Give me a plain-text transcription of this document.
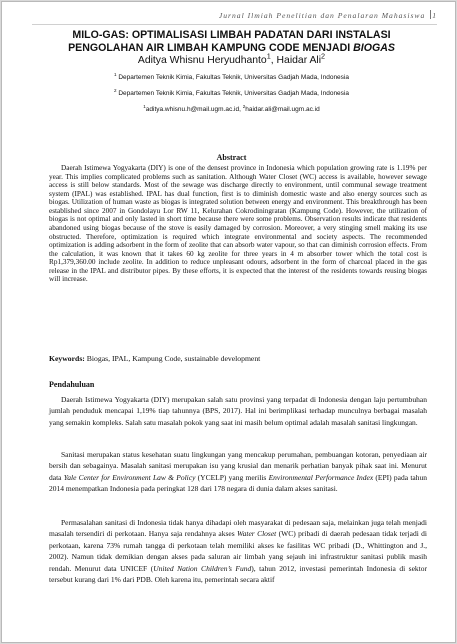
Jurnal Ilmiah Penelitian dan Penalaran Mahasiswa 1
MILO-GAS: OPTIMALISASI LIMBAH PADATAN DARI INSTALASI
PENGOLAHAN AIR LIMBAH KAMPUNG CODE MENJADI BIOGAS
Aditya Whisnu Heryudhanto$^1$, Haidar Ali$^2$
$^1$ Departemen Teknik Kimia, Fakultas Teknik, Universitas Gadjah Mada, Indonesia
$^2$ Departemen Teknik Kimia, Fakultas Teknik, Universitas Gadjah Mada, Indonesia
$^1$aditya.whisnu.h@mail.ugm.ac.id, $^2$haidar.ali@mail.ugm.ac.id
Abstract
Daerah Istimewa Yogyakarta (DIY) is one of the densest province in Indonesia which population growing rate is 1.19% per year. This implies complicated problems such as sanitation. Although Water Closet (WC) access is available, however sewage access is still below standards. Most of the sewage was discharge directly to environment, until communal sewage treatment system (IPAL) was established. IPAL has dual function, first is to diminish domestic waste and also energy sources such as biogas. Utilization of human waste as biogas is integrated solution between energy and environment. This breakthrough has been established since 2007 in Gondolayu Lor RW 11, Kelurahan Cokrodiningratan (Kampung Code). However, the utilization of biogas is not optimal and only lasted in short time because there were some problems. Observation results indicate that residents abandoned using biogas because of the stove is easily damaged by corrosion. Moreover, a very stinging smell making its use obstructed. Therefore, optimization is required which integrate environmental and society aspects. The recommended optimization is adding adsorbent in the form of zeolite that can absorb water vapour, so that can diminish corrosion effects. From the calculation, it was known that it takes 60 kg zeolite for three years in 4 m absorber tower which the total cost is Rp1,379,360.00 include zeolite. In addition to reduce unpleasant odours, adsorbent in the form of charcoal placed in the gas release in the IPAL and distributor pipes. By these efforts, it is expected that the interest of the residents towards reusing biogas will increase.
Keywords: Biogas, IPAL, Kampung Code, sustainable development
Pendahuluan

Daerah Istimewa Yogyakarta (DIY) merupakan salah satu provinsi yang terpadat di Indonesia dengan laju pertumbuhan jumlah penduduk mencapai 1,19% tiap tahunnya (BPS, 2017). Hal ini berimplikasi terhadap munculnya berbagai masalah yang semakin kompleks. Salah satu masalah pokok yang saat ini masih belum optimal adalah masalah sanitasi lingkungan.

Sanitasi merupakan status kesehatan suatu lingkungan yang mencakup perumahan, pembuangan kotoran, penyediaan air bersih dan sebagainya. Masalah sanitasi merupakan isu yang krusial dan menarik perhatian banyak pihak saat ini. Menurut data Yale Center for Environment Law & Policy (YCELP) yang merilis Environmental Performance Index (EPI) pada tahun 2014 menempatkan Indonesia pada peringkat 128 dari 178 negara di dunia dalam akses sanitasi.

Permasalahan sanitasi di Indonesia tidak hanya dihadapi oleh masyarakat di pedesaan saja, melainkan juga telah menjadi masalah tersendiri di perkotaan. Hanya saja rendahnya akses Water Closet (WC) pribadi di daerah pedesaan tidak terjadi di perkotaan, karena 73% rumah tangga di perkotaan telah memiliki akses ke fasilitas WC pribadi (D., Whittington and J., 2002). Namun tidak demikian dengan akses pada saluran air limbah yang sejauh ini infrastruktur sanitasi publik masih rendah. Menurut data UNICEF (United Nation Children’s Fund), tahun 2012, investasi pemerintah Indonesia di sektor tersebut kurang dari 1% dari PDB. Oleh karena itu, pemerintah secara aktif
